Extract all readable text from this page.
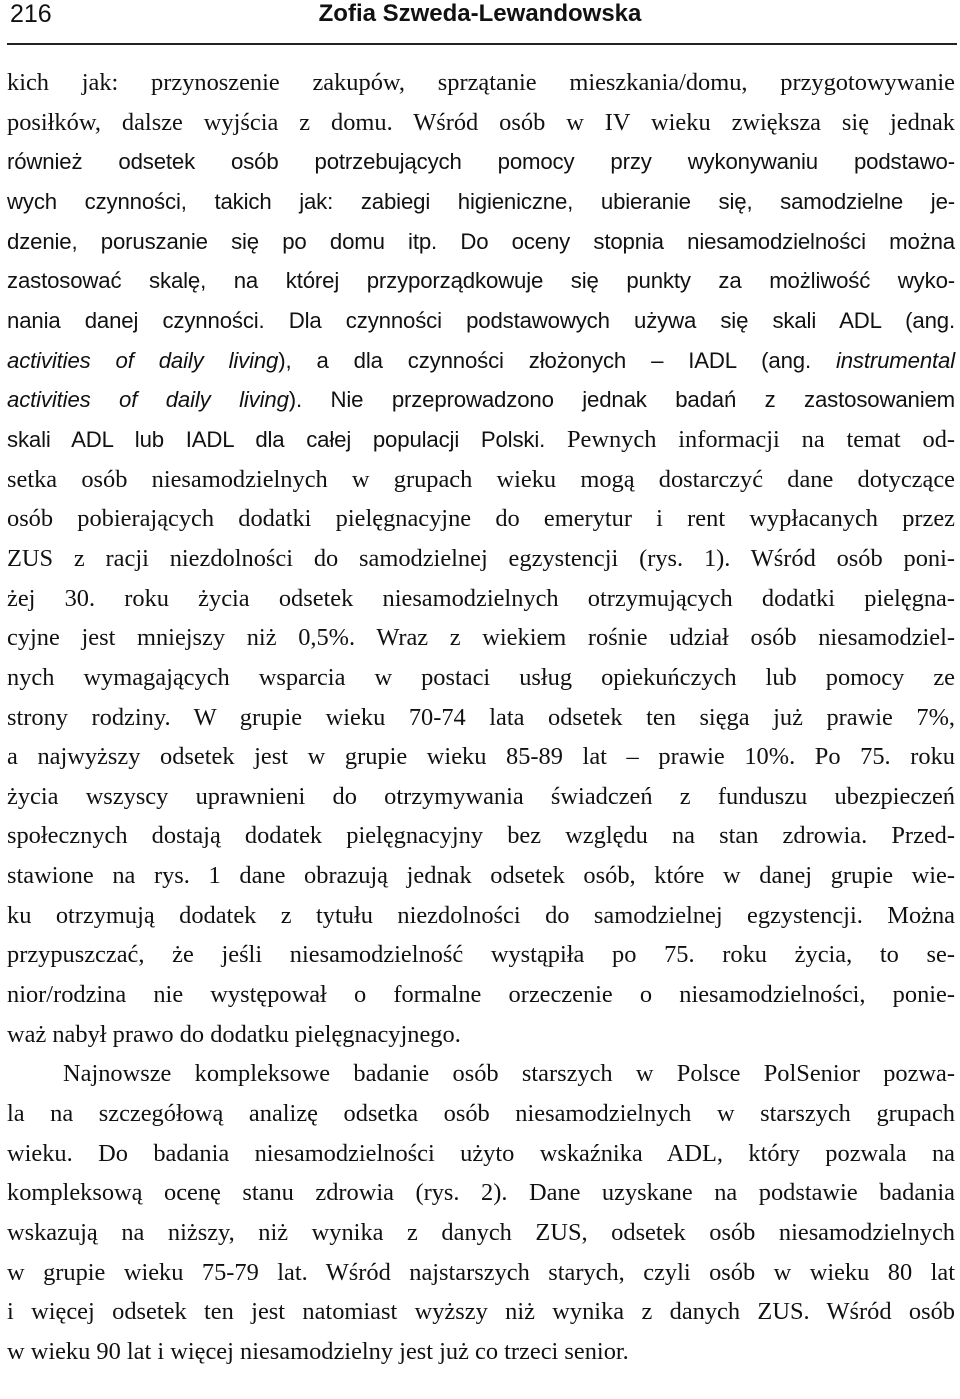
216	Zofia Szweda-Lewandowska
kich jak: przynoszenie zakupów, sprzątanie mieszkania/domu, przygotowywanie
posiłków, dalsze wyjścia z domu. Wśród osób w IV wieku zwiększa się jednak
również odsetek osób potrzebujących pomocy przy wykonywaniu podstawo-
wych czynności, takich jak: zabiegi higieniczne, ubieranie się, samodzielne je-
dzenie, poruszanie się po domu itp. Do oceny stopnia niesamodzielności można
zastosować skalę, na której przyporządkowuje się punkty za możliwość wyko-
nania danej czynności. Dla czynności podstawowych używa się skali ADL (ang.
activities of daily living), a dla czynności złożonych – IADL (ang. instrumental
activities of daily living). Nie przeprowadzono jednak badań z zastosowaniem
skali ADL lub IADL dla całej populacji Polski. Pewnych informacji na temat od-
setka osób niesamodzielnych w grupach wieku mogą dostarczyć dane dotyczące
osób pobierających dodatki pielęgnacyjne do emerytur i rent wypłacanych przez
ZUS z racji niezdolności do samodzielnej egzystencji (rys. 1). Wśród osób poni-
żej 30. roku życia odsetek niesamodzielnych otrzymujących dodatki pielęgna-
cyjne jest mniejszy niż 0,5%. Wraz z wiekiem rośnie udział osób niesamodziel-
nych wymagających wsparcia w postaci usług opiekuńczych lub pomocy ze
strony rodziny. W grupie wieku 70-74 lata odsetek ten sięga już prawie 7%,
a najwyższy odsetek jest w grupie wieku 85-89 lat – prawie 10%. Po 75. roku
życia wszyscy uprawnieni do otrzymywania świadczeń z funduszu ubezpieczeń
społecznych dostają dodatek pielęgnacyjny bez względu na stan zdrowia. Przed-
stawione na rys. 1 dane obrazują jednak odsetek osób, które w danej grupie wie-
ku otrzymują dodatek z tytułu niezdolności do samodzielnej egzystencji. Można
przypuszczać, że jeśli niesamodzielność wystąpiła po 75. roku życia, to se-
nior/rodzina nie występował o formalne orzeczenie o niesamodzielności, ponie-
waż nabył prawo do dodatku pielęgnacyjnego.
Najnowsze kompleksowe badanie osób starszych w Polsce PolSenior pozwa-
la na szczegółową analizę odsetka osób niesamodzielnych w starszych grupach
wieku. Do badania niesamodzielności użyto wskaźnika ADL, który pozwala na
kompleksową ocenę stanu zdrowia (rys. 2). Dane uzyskane na podstawie badania
wskazują na niższy, niż wynika z danych ZUS, odsetek osób niesamodzielnych
w grupie wieku 75-79 lat. Wśród najstarszych starych, czyli osób w wieku 80 lat
i więcej odsetek ten jest natomiast wyższy niż wynika z danych ZUS. Wśród osób
w wieku 90 lat i więcej niesamodzielny jest już co trzeci senior.
